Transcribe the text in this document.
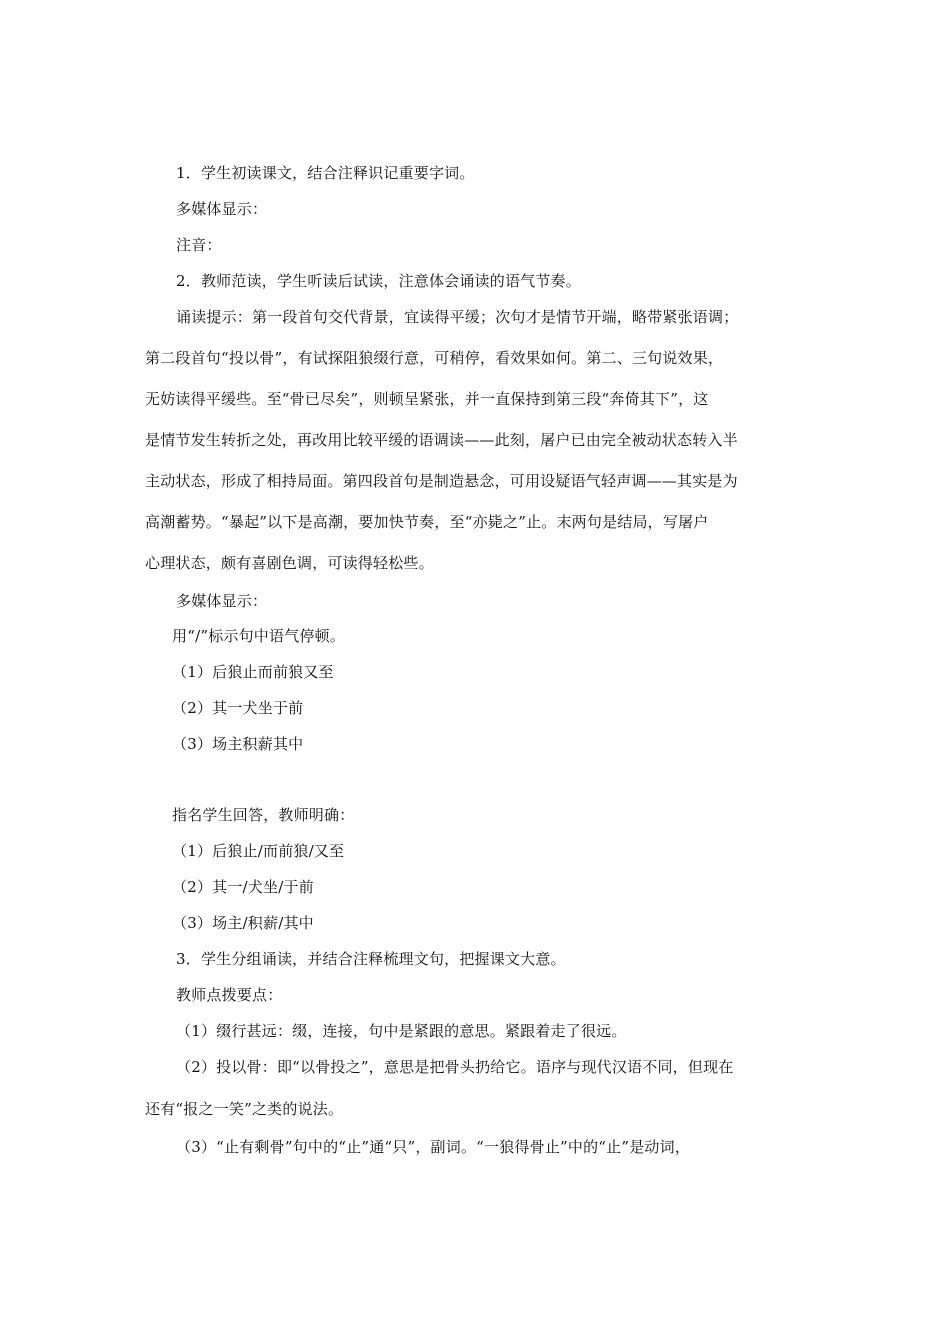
1．学生初读课文，结合注释识记重要字词。
多媒体显示：
注音：
2．教师范读，学生听读后试读，注意体会诵读的语气节奏。
诵读提示：第一段首句交代背景，宜读得平缓；次句才是情节开端，略带紧张语调；
第二段首句“投以骨”，有试探阻狼缀行意，可稍停，看效果如何。第二、三句说效果，
无妨读得平缓些。至“骨已尽矣”，则顿呈紧张，并一直保持到第三段“奔倚其下”，这
是情节发生转折之处，再改用比较平缓的语调读——此刻，屠户已由完全被动状态转入半
主动状态，形成了相持局面。第四段首句是制造悬念，可用设疑语气轻声调——其实是为
高潮蓄势。“暴起”以下是高潮，要加快节奏，至“亦毙之”止。末两句是结局，写屠户
心理状态，颇有喜剧色调，可读得轻松些。
多媒体显示：
用“/”标示句中语气停顿。
（1）后狼止而前狼又至
（2）其一犬坐于前
（3）场主积薪其中
指名学生回答，教师明确：
（1）后狼止/而前狼/又至
（2）其一/犬坐/于前
（3）场主/积薪/其中
3．学生分组诵读，并结合注释梳理文句，把握课文大意。
教师点拨要点：
（1）缀行甚远：缀，连接，句中是紧跟的意思。紧跟着走了很远。
（2）投以骨：即“以骨投之”，意思是把骨头扔给它。语序与现代汉语不同，但现在
还有“报之一笑”之类的说法。
（3）“止有剩骨”句中的“止”通“只”，副词。“一狼得骨止”中的“止”是动词，
